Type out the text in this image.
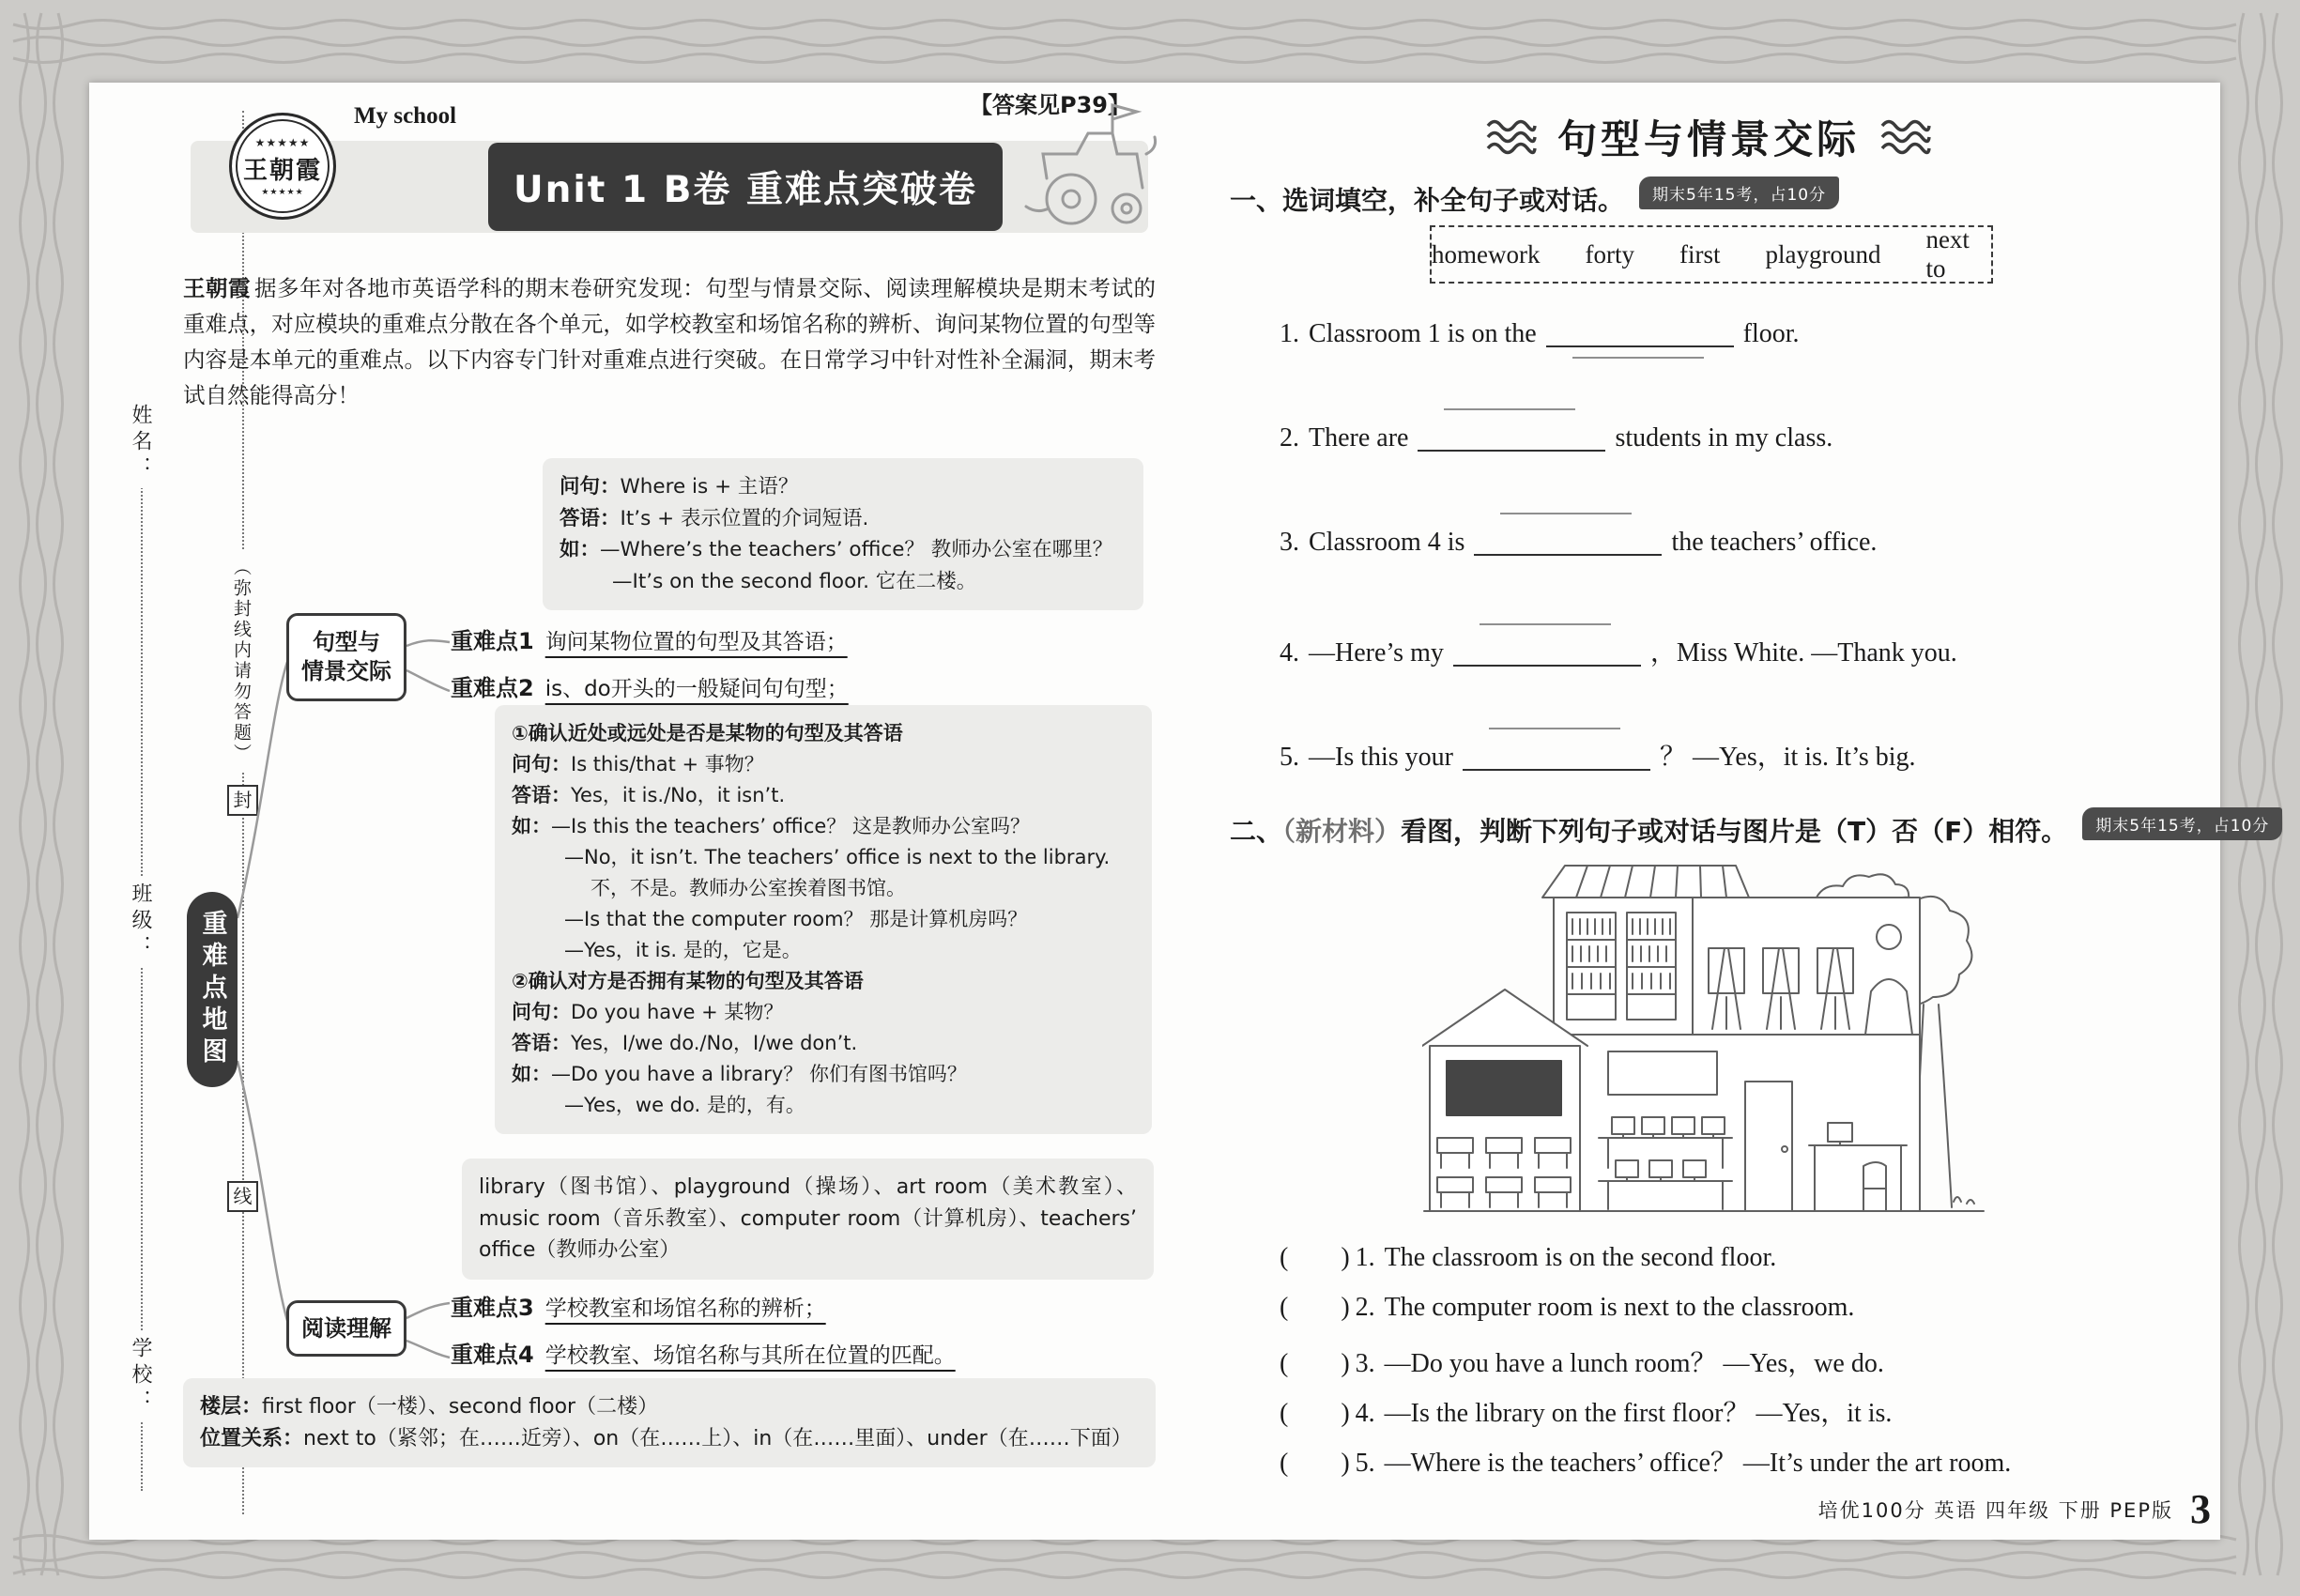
姓名：
班级：
学校：
封
线
（弥封线内请勿答题）
★★★★★
王朝霞
★★★★★
My school
Unit 1 B卷 重难点突破卷
【答案见P39】

王朝霞 据多年对各地市英语学科的期末卷研究发现：句型与情景交际、阅读理解模块是期末考试的重难点，对应模块的重难点分散在各个单元，如学校教室和场馆名称的辨析、询问某物位置的句型等内容是本单元的重难点。以下内容专门针对重难点进行突破。在日常学习中针对性补全漏洞，期末考试自然能得高分！

问句：Where is + 主语？
答语：It’s + 表示位置的介词短语.
如：—Where’s the teachers’ office？ 教师办公室在哪里？
—It’s on the second floor. 它在二楼。
重难点1 询问某物位置的句型及其答语；
重难点2 is、do开头的一般疑问句句型；
句型与
情景交际
阅读理解
重难点地图
①确认近处或远处是否是某物的句型及其答语
问句：Is this/that + 事物？
答语：Yes，it is./No，it isn’t.
如：—Is this the teachers’ office？ 这是教师办公室吗？
—No，it isn’t. The teachers’ office is next to the library.
不，不是。教师办公室挨着图书馆。
—Is that the computer room？ 那是计算机房吗？
—Yes，it is. 是的，它是。
②确认对方是否拥有某物的句型及其答语
问句：Do you have + 某物？
答语：Yes，I/we do./No，I/we don’t.
如：—Do you have a library？ 你们有图书馆吗？
—Yes，we do. 是的，有。
library（图书馆）、playground（操场）、art room（美术教室）、music room（音乐教室）、computer room（计算机房）、teachers’ office（教师办公室）
重难点3 学校教室和场馆名称的辨析；
重难点4 学校教室、场馆名称与其所在位置的匹配。
楼层：first floor（一楼）、second floor（二楼）
位置关系：next to（紧邻；在……近旁）、on（在……上）、in（在……里面）、under（在……下面）
句型与情景交际
一、选词填空，补全句子或对话。 期末5年15考，占10分
homework forty first playground
next to
1. Classroom 1 is on the	floor.
2. There are	students in my class.
3. Classroom 4 is	the teachers’ office.
4. —Here’s my	，Miss White. —Thank you.
5. —Is this your	？ —Yes，it is. It’s big.
二、（新材料）看图，判断下列句子或对话与图片是（T）否（F）相符。 期末5年15考，占10分
( ) 1. The classroom is on the second floor.
( ) 2. The computer room is next to the classroom.
( ) 3. —Do you have a lunch room？ —Yes，we do.
( ) 4. —Is the library on the first floor？ —Yes，it is.
( ) 5. —Where is the teachers’ office？ —It’s under the art room.
培优100分 英语 四年级 下册 PEP版 3
